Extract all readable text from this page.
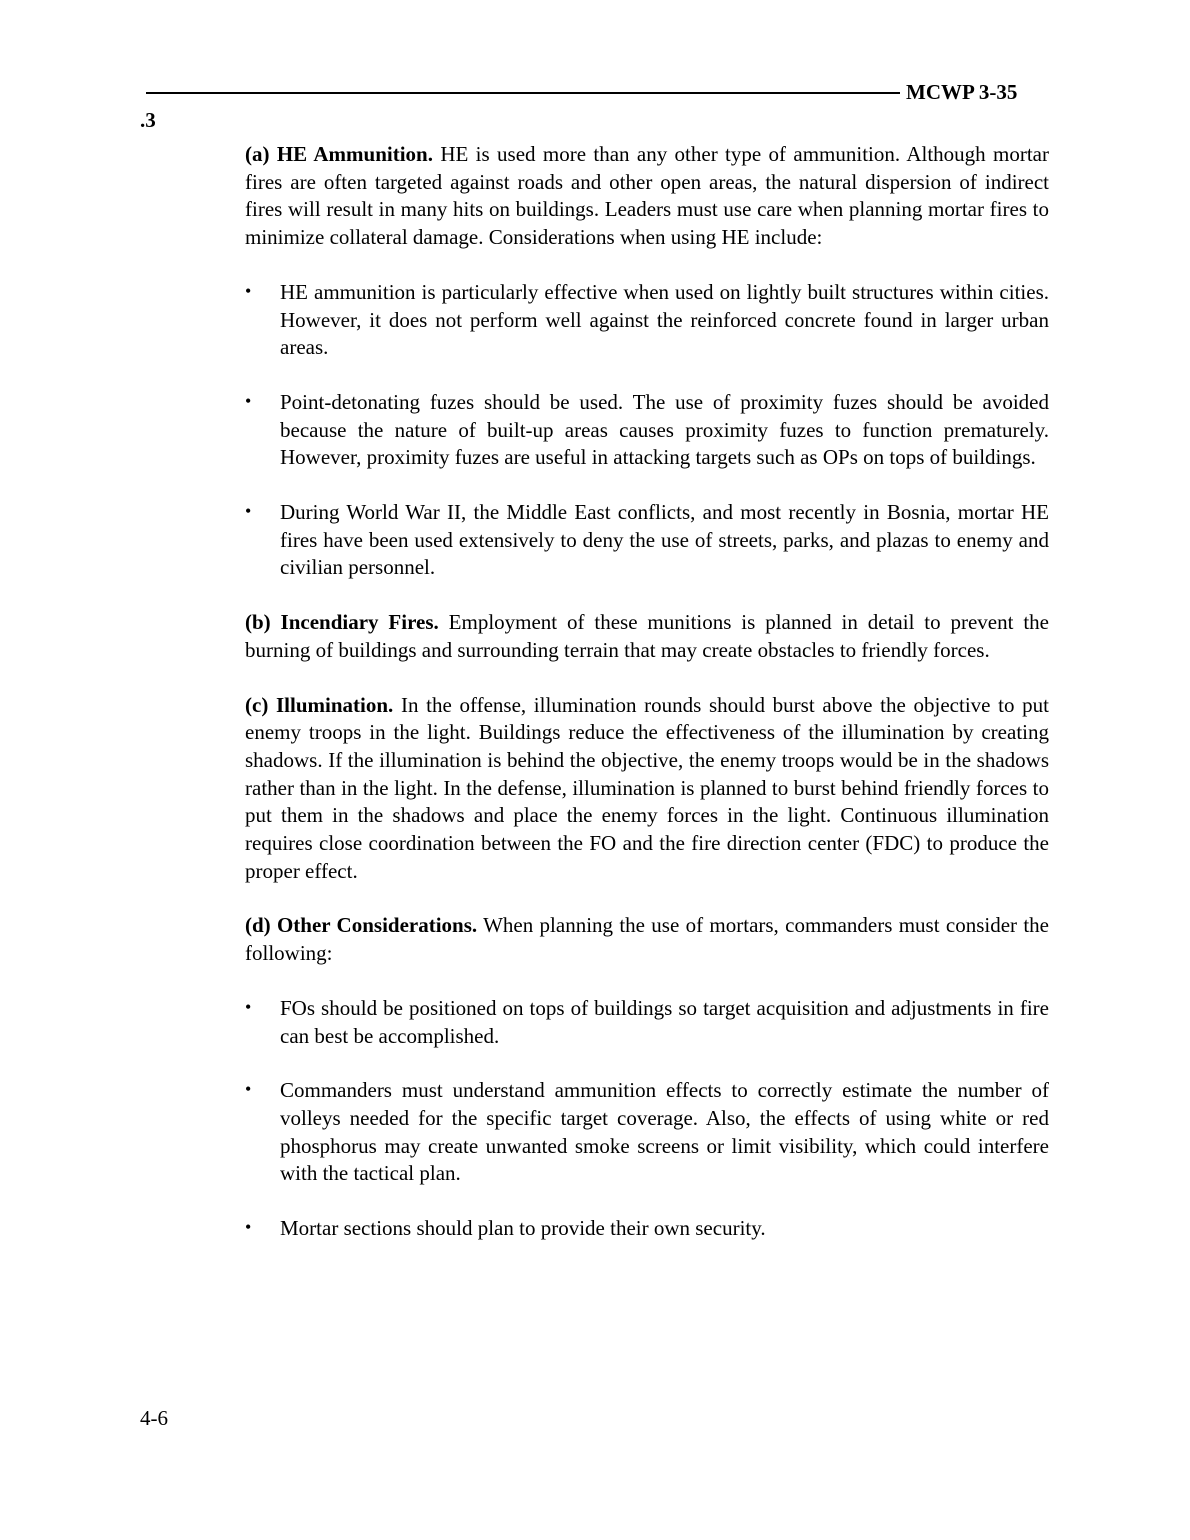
MCWP 3-35
.3

(a) HE Ammunition. HE is used more than any other type of ammunition. Although mortar fires are often targeted against roads and other open areas, the natural dispersion of indirect fires will result in many hits on buildings. Leaders must use care when planning mortar fires to minimize collateral damage. Considerations when using HE include:

•	HE ammunition is particularly effective when used on lightly built structures within cities. However, it does not perform well against the reinforced concrete found in larger urban areas.
•	Point-detonating fuzes should be used. The use of proximity fuzes should be avoided because the nature of built-up areas causes proximity fuzes to function prematurely. However, proximity fuzes are useful in attacking targets such as OPs on tops of buildings.
•	During World War II, the Middle East conflicts, and most recently in Bosnia, mortar HE fires have been used extensively to deny the use of streets, parks, and plazas to enemy and civilian personnel.

(b) Incendiary Fires. Employment of these munitions is planned in detail to prevent the burning of buildings and surrounding terrain that may create obstacles to friendly forces.

(c) Illumination. In the offense, illumination rounds should burst above the objective to put enemy troops in the light. Buildings reduce the effectiveness of the illumination by creating shadows. If the illumination is behind the objective, the enemy troops would be in the shadows rather than in the light. In the defense, illumination is planned to burst behind friendly forces to put them in the shadows and place the enemy forces in the light. Continuous illumination requires close coordination between the FO and the fire direction center (FDC) to produce the proper effect.

(d) Other Considerations. When planning the use of mortars, commanders must consider the following:

•	FOs should be positioned on tops of buildings so target acquisition and adjustments in fire can best be accomplished.
•	Commanders must understand ammunition effects to correctly estimate the number of volleys needed for the specific target coverage. Also, the effects of using white or red phosphorus may create unwanted smoke screens or limit visibility, which could interfere with the tactical plan.
•	Mortar sections should plan to provide their own security.
4-6
